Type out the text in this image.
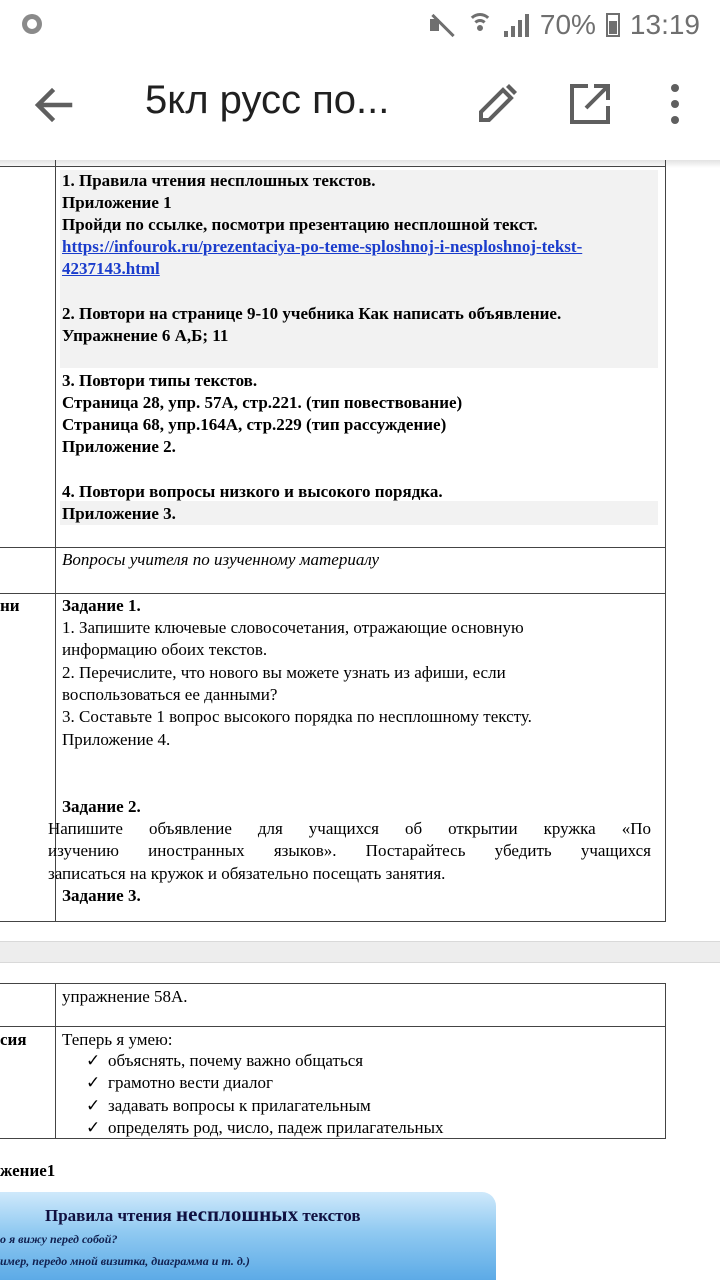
70% 13:19
5кл русс по...
1. Правила чтения несплошных текстов.
Приложение 1
Пройди по ссылке, посмотри презентацию несплошной текст.
https://infourok.ru/prezentaciya-po-teme-sploshnoj-i-nesploshnoj-tekst-
4237143.html
2. Повтори на странице 9-10 учебника Как написать объявление.
Упражнение 6 А,Б; 11
3. Повтори типы текстов.
Страница 28, упр. 57А, стр.221. (тип повествование)
Страница 68, упр.164А, стр.229 (тип рассуждение)
Приложение 2.
4. Повтори вопросы низкого и высокого порядка.
Приложение 3.
Вопросы учителя по изученному материалу
ни Задание 1.
1. Запишите ключевые словосочетания, отражающие основную
информацию обоих текстов.
2. Перечислите, что нового вы можете узнать из афиши, если
воспользоваться ее данными?
3. Составьте 1 вопрос высокого порядка по несплошному тексту.
Приложение 4.
Задание 2.
Напишите объявление для учащихся об открытии кружка «По
изучению иностранных языков». Постарайтесь убедить учащихся
записаться на кружок и обязательно посещать занятия.
Задание 3.
упражнение 58А.
сия Теперь я умею:
✓ объяснять, почему важно общаться
✓ грамотно вести диалог
✓ задавать вопросы к прилагательным
✓ определять род, число, падеж прилагательных
жение1
Правила чтения несплошных текстов
о я вижу перед собой?
имер, передо мной визитка, диаграмма и т. д.)
